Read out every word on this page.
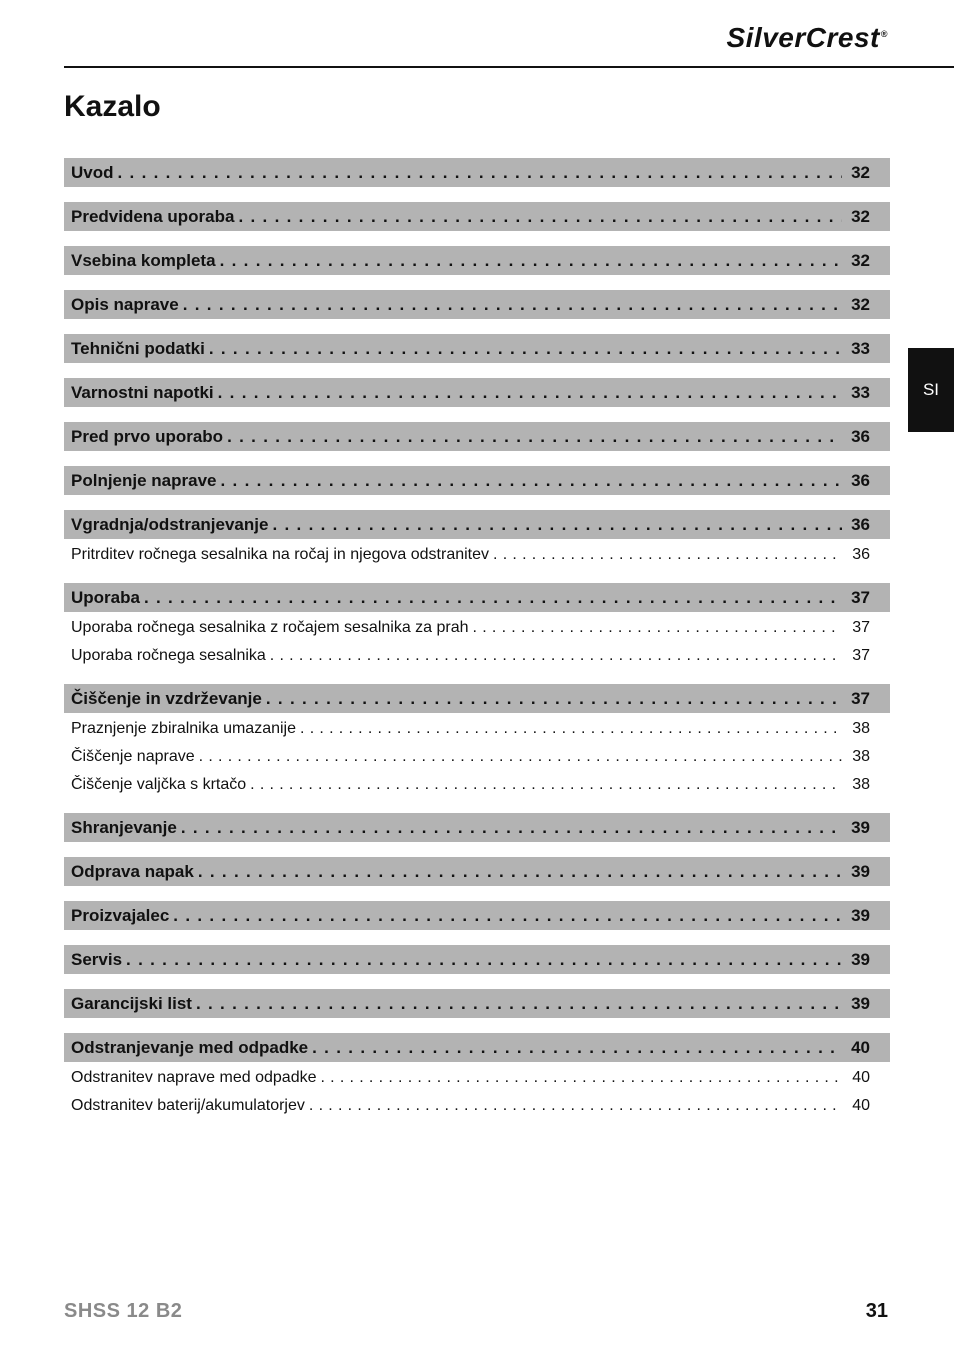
SilverCrest®
Kazalo
SI
Uvod . . .	32
Predvidena uporaba . . .	32
Vsebina kompleta . . .	32
Opis naprave . . .	32
Tehnični podatki . . .	33
Varnostni napotki . . .	33
Pred prvo uporabo . . .	36
Polnjenje naprave . . .	36
Vgradnja/odstranjevanje . . .	36
Pritrditev ročnega sesalnika na ročaj in njegova odstranitev . . .	36
Uporaba . . .	37
Uporaba ročnega sesalnika z ročajem sesalnika za prah . . .	37
Uporaba ročnega sesalnika . . .	37
Čiščenje in vzdrževanje . . .	37
Praznjenje zbiralnika umazanije . . .	38
Čiščenje naprave . . .	38
Čiščenje valjčka s krtačo . . .	38
Shranjevanje . . .	39
Odprava napak . . .	39
Proizvajalec . . .	39
Servis . . .	39
Garancijski list . . .	39
Odstranjevanje med odpadke . . .	40
Odstranitev naprave med odpadke . . .	40
Odstranitev baterij/akumulatorjev . . .	40
SHSS 12 B2	31
